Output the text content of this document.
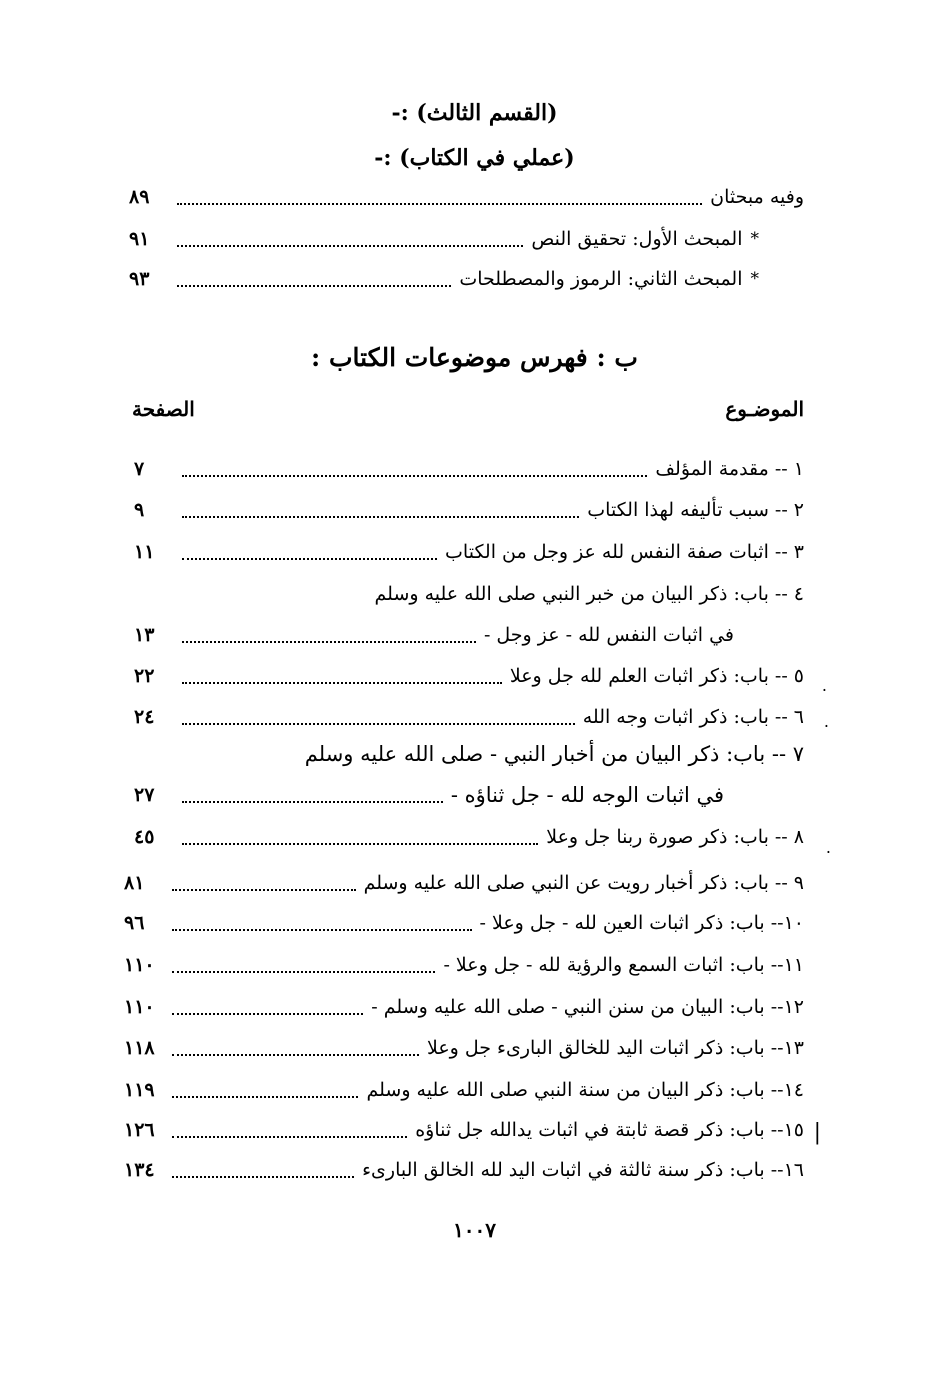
(القسم الثالث) :-
(عملي في الكتاب) :-
وفيه مبحثان
٨٩
*
المبحث الأول: تحقيق النص
٩١
*
المبحث الثاني: الرموز والمصطلحات
٩٣
ب : فهرس موضوعات الكتاب :
الموضـوع
الصفحة
١ -- مقدمة المؤلف
٧
٢ -- سبب تأليفه لهذا الكتاب
٩
٣ -- اثبات صفة النفس لله عز وجل من الكتاب
١١
٤ -- باب: ذكر البيان من خبر النبي صلى الله عليه وسلم
في اثبات النفس لله - عز وجل -
١٣
٥ -- باب: ذكر اثبات العلم لله جل وعلا
٢٢
٦ -- باب: ذكر اثبات وجه الله
٢٤
٧ -- باب: ذكر البيان من أخبار النبي - صلى الله عليه وسلم
في اثبات الوجه لله - جل ثناؤه -
٢٧
٨ -- باب: ذكر صورة ربنا جل وعلا
٤٥
٩ -- باب: ذكر أخبار رويت عن النبي صلى الله عليه وسلم
٨١
١٠-- باب: ذكر اثبات العين لله - جل وعلا -
٩٦
١١-- باب: اثبات السمع والرؤية لله - جل وعلا -
١١٠
١٢-- باب: البيان من سنن النبي - صلى الله عليه وسلم -
١١٠
١٣-- باب: ذكر اثبات اليد للخالق البارىء جل وعلا
١١٨
١٤-- باب: ذكر البيان من سنة النبي صلى الله عليه وسلم
١١٩
١٥-- باب: ذكر قصة ثابتة في اثبات يدالله جل ثناؤه
١٢٦
١٦-- باب: ذكر سنة ثالثة في اثبات اليد لله الخالق البارىء
١٣٤
.
.
.
|
١٠٠٧
